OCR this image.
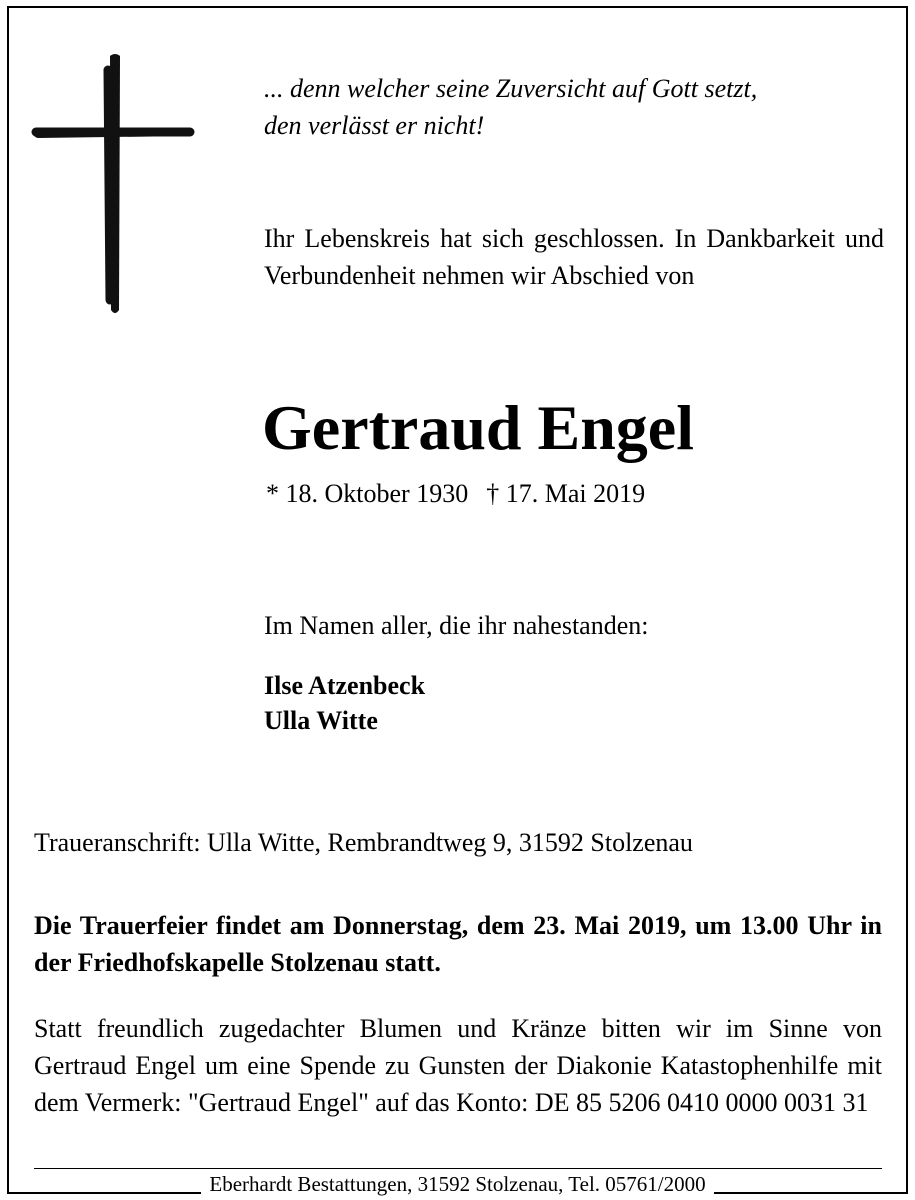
... denn welcher seine Zuversicht auf Gott setzt,
den verlässt er nicht!
Ihr Lebenskreis hat sich geschlossen. In Dankbarkeit und Verbundenheit nehmen wir Abschied von
Gertraud Engel
* 18. Oktober 1930 † 17. Mai 2019
Im Namen aller, die ihr nahestanden:
Ilse Atzenbeck
Ulla Witte
Traueranschrift: Ulla Witte, Rembrandtweg 9, 31592 Stolzenau
Die Trauerfeier findet am Donnerstag, dem 23. Mai 2019, um 13.00 Uhr in der Friedhofskapelle Stolzenau statt.
Statt freundlich zugedachter Blumen und Kränze bitten wir im Sinne von Gertraud Engel um eine Spende zu Gunsten der Diakonie Katastophenhilfe mit dem Vermerk: "Gertraud Engel" auf das Konto: DE 85 5206 0410 0000 0031 31
Eberhardt Bestattungen, 31592 Stolzenau, Tel. 05761/2000
